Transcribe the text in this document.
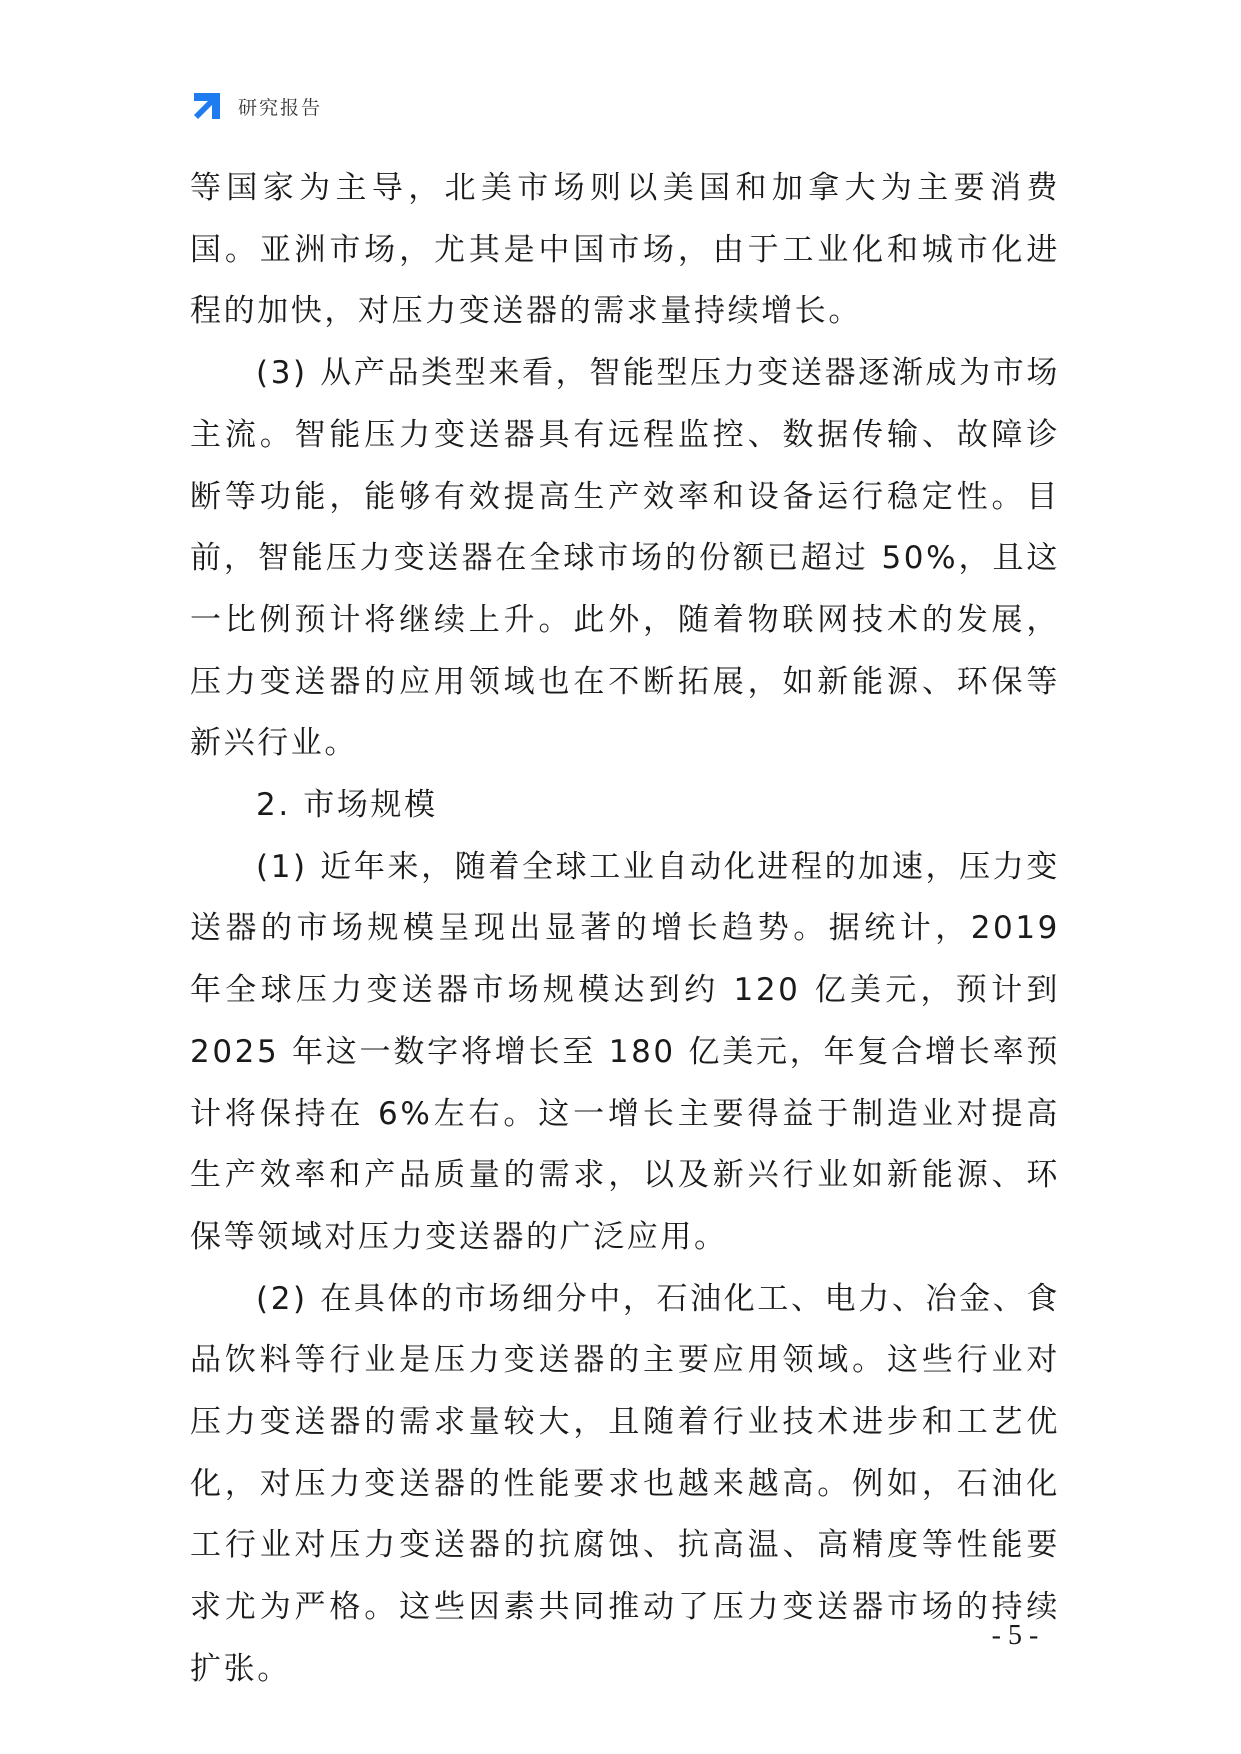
研究报告

等国家为主导，北美市场则以美国和加拿大为主要消费国。亚洲市场，尤其是中国市场，由于工业化和城市化进程的加快，对压力变送器的需求量持续增长。

(3) 从产品类型来看，智能型压力变送器逐渐成为市场主流。智能压力变送器具有远程监控、数据传输、故障诊断等功能，能够有效提高生产效率和设备运行稳定性。目前，智能压力变送器在全球市场的份额已超过 50%，且这一比例预计将继续上升。此外，随着物联网技术的发展，压力变送器的应用领域也在不断拓展，如新能源、环保等新兴行业。

2. 市场规模

(1) 近年来，随着全球工业自动化进程的加速，压力变送器的市场规模呈现出显著的增长趋势。据统计，2019 年全球压力变送器市场规模达到约 120 亿美元，预计到 2025 年这一数字将增长至 180 亿美元，年复合增长率预计将保持在 6%左右。这一增长主要得益于制造业对提高生产效率和产品质量的需求，以及新兴行业如新能源、环保等领域对压力变送器的广泛应用。

(2) 在具体的市场细分中，石油化工、电力、冶金、食品饮料等行业是压力变送器的主要应用领域。这些行业对压力变送器的需求量较大，且随着行业技术进步和工艺优化，对压力变送器的性能要求也越来越高。例如，石油化工行业对压力变送器的抗腐蚀、抗高温、高精度等性能要求尤为严格。这些因素共同推动了压力变送器市场的持续扩张。

- 5 -
